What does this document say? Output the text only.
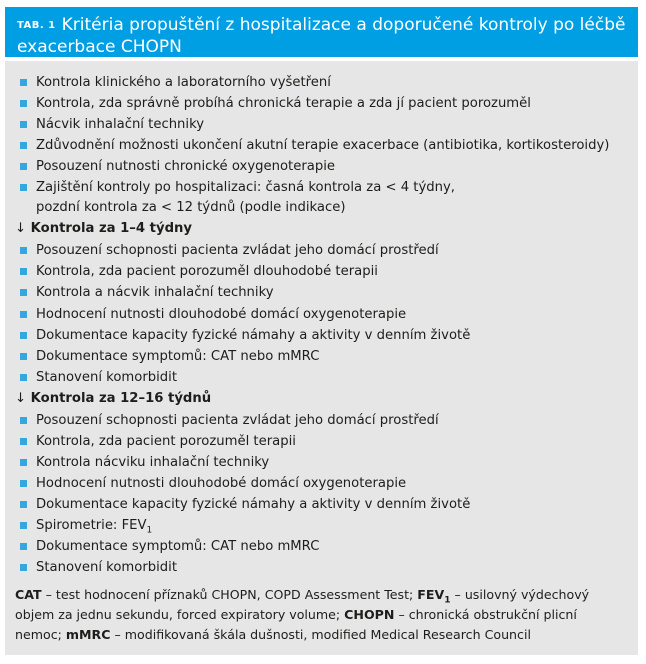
TAB. 1 Kritéria propuštění z hospitalizace a doporučené kontroly po léčbě exacerbace CHOPN
Kontrola klinického a laboratorního vyšetření
Kontrola, zda správně probíhá chronická terapie a zda jí pacient porozuměl
Nácvik inhalační techniky
Zdůvodnění možnosti ukončení akutní terapie exacerbace (antibiotika, kortikosteroidy)
Posouzení nutnosti chronické oxygenoterapie
Zajištění kontroly po hospitalizaci: časná kontrola za < 4 týdny, pozdní kontrola za < 12 týdnů (podle indikace)
↓ Kontrola za 1–4 týdny
Posouzení schopnosti pacienta zvládat jeho domácí prostředí
Kontrola, zda pacient porozuměl dlouhodobé terapii
Kontrola a nácvik inhalační techniky
Hodnocení nutnosti dlouhodobé domácí oxygenoterapie
Dokumentace kapacity fyzické námahy a aktivity v denním životě
Dokumentace symptomů: CAT nebo mMRC
Stanovení komorbidit
↓ Kontrola za 12–16 týdnů
Posouzení schopnosti pacienta zvládat jeho domácí prostředí
Kontrola, zda pacient porozuměl terapii
Kontrola nácviku inhalační techniky
Hodnocení nutnosti dlouhodobé domácí oxygenoterapie
Dokumentace kapacity fyzické námahy a aktivity v denním životě
Spirometrie: $FEV_1$
Dokumentace symptomů: CAT nebo mMRC
Stanovení komorbidit
CAT – test hodnocení příznaků CHOPN, COPD Assessment Test; $FEV_1$ – usilovný výdechový objem za jednu sekundu, forced expiratory volume; CHOPN – chronická obstrukční plicní nemoc; mMRC – modifikovaná škála dušnosti, modified Medical Research Council
